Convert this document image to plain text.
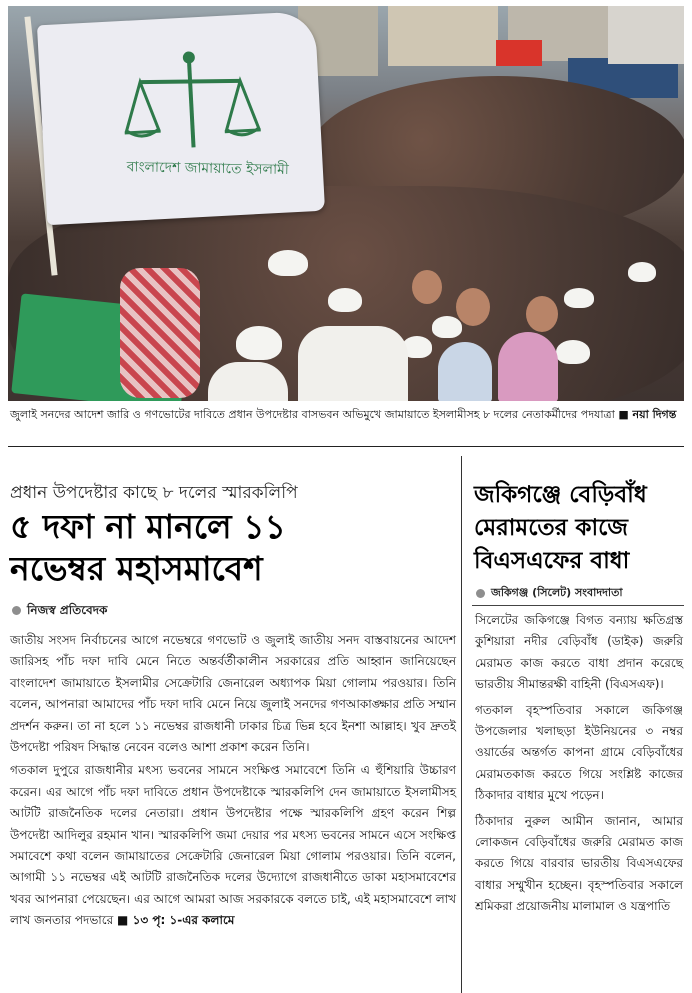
বাংলাদেশ জামায়াতে ইসলামী
জুলাই সনদের আদেশ জারি ও গণভোটের দাবিতে প্রধান উপদেষ্টার বাসভবন অভিমুখে জামায়াতে ইসলামীসহ ৮ দলের নেতাকর্মীদের পদযাত্রা ■ নয়া দিগন্ত
প্রধান উপদেষ্টার কাছে ৮ দলের স্মারকলিপি
৫ দফা না মানলে ১১
নভেম্বর মহাসমাবেশ
নিজস্ব প্রতিবেদক

জাতীয় সংসদ নির্বাচনের আগে নভেম্বরে গণভোট ও জুলাই জাতীয় সনদ বাস্তবায়নের আদেশ জারিসহ পাঁচ দফা দাবি মেনে নিতে অন্তর্বর্তীকালীন সরকারের প্রতি আহ্বান জানিয়েছেন বাংলাদেশ জামায়াতে ইসলামীর সেক্রেটারি জেনারেল অধ্যাপক মিয়া গোলাম পরওয়ার। তিনি বলেন, আপনারা আমাদের পাঁচ দফা দাবি মেনে নিয়ে জুলাই সনদের গণআকাঙ্ক্ষার প্রতি সম্মান প্রদর্শন করুন। তা না হলে ১১ নভেম্বর রাজধানী ঢাকার চিত্র ভিন্ন হবে ইনশা আল্লাহ। খুব দ্রুতই উপদেষ্টা পরিষদ সিদ্ধান্ত নেবেন বলেও আশা প্রকাশ করেন তিনি।

গতকাল দুপুরে রাজধানীর মৎস্য ভবনের সামনে সংক্ষিপ্ত সমাবেশে তিনি এ হুঁশিয়ারি উচ্চারণ করেন। এর আগে পাঁচ দফা দাবিতে প্রধান উপদেষ্টাকে স্মারকলিপি দেন জামায়াতে ইসলামীসহ আটটি রাজনৈতিক দলের নেতারা। প্রধান উপদেষ্টার পক্ষে স্মারকলিপি গ্রহণ করেন শিল্প উপদেষ্টা আদিলুর রহমান খান। স্মারকলিপি জমা দেয়ার পর মৎস্য ভবনের সামনে এসে সংক্ষিপ্ত সমাবেশে কথা বলেন জামায়াতের সেক্রেটারি জেনারেল মিয়া গোলাম পরওয়ার। তিনি বলেন, আগামী ১১ নভেম্বর এই আটটি রাজনৈতিক দলের উদ্যোগে রাজধানীতে ডাকা মহাসমাবেশের খবর আপনারা পেয়েছেন। এর আগে আমরা আজ সরকারকে বলতে চাই, এই মহাসমাবেশে লাখ লাখ জনতার পদভারে ■ ১৩ পৃ: ১-এর কলামে

জকিগঞ্জে বেড়িবাঁধ
মেরামতের কাজে
বিএসএফের বাধা
জকিগঞ্জ (সিলেট) সংবাদদাতা

সিলেটের জকিগঞ্জে বিগত বন্যায় ক্ষতিগ্রস্ত কুশিয়ারা নদীর বেড়িবাঁধ (ডাইক) জরুরি মেরামত কাজ করতে বাধা প্রদান করেছে ভারতীয় সীমান্তরক্ষী বাহিনী (বিএসএফ)।

গতকাল বৃহস্পতিবার সকালে জকিগঞ্জ উপজেলার খলাছড়া ইউনিয়নের ৩ নম্বর ওয়ার্ডের অন্তর্গত কাপনা গ্রামে বেড়িবাঁধের মেরামতকাজ করতে গিয়ে সংশ্লিষ্ট কাজের ঠিকাদার বাধার মুখে পড়েন।

ঠিকাদার নুরুল আমীন জানান, আমার লোকজন বেড়িবাঁধের জরুরি মেরামত কাজ করতে গিয়ে বারবার ভারতীয় বিএসএফের বাধার সম্মুখীন হচ্ছেন। বৃহস্পতিবার সকালে শ্রমিকরা প্রয়োজনীয় মালামাল ও যন্ত্রপাতি
